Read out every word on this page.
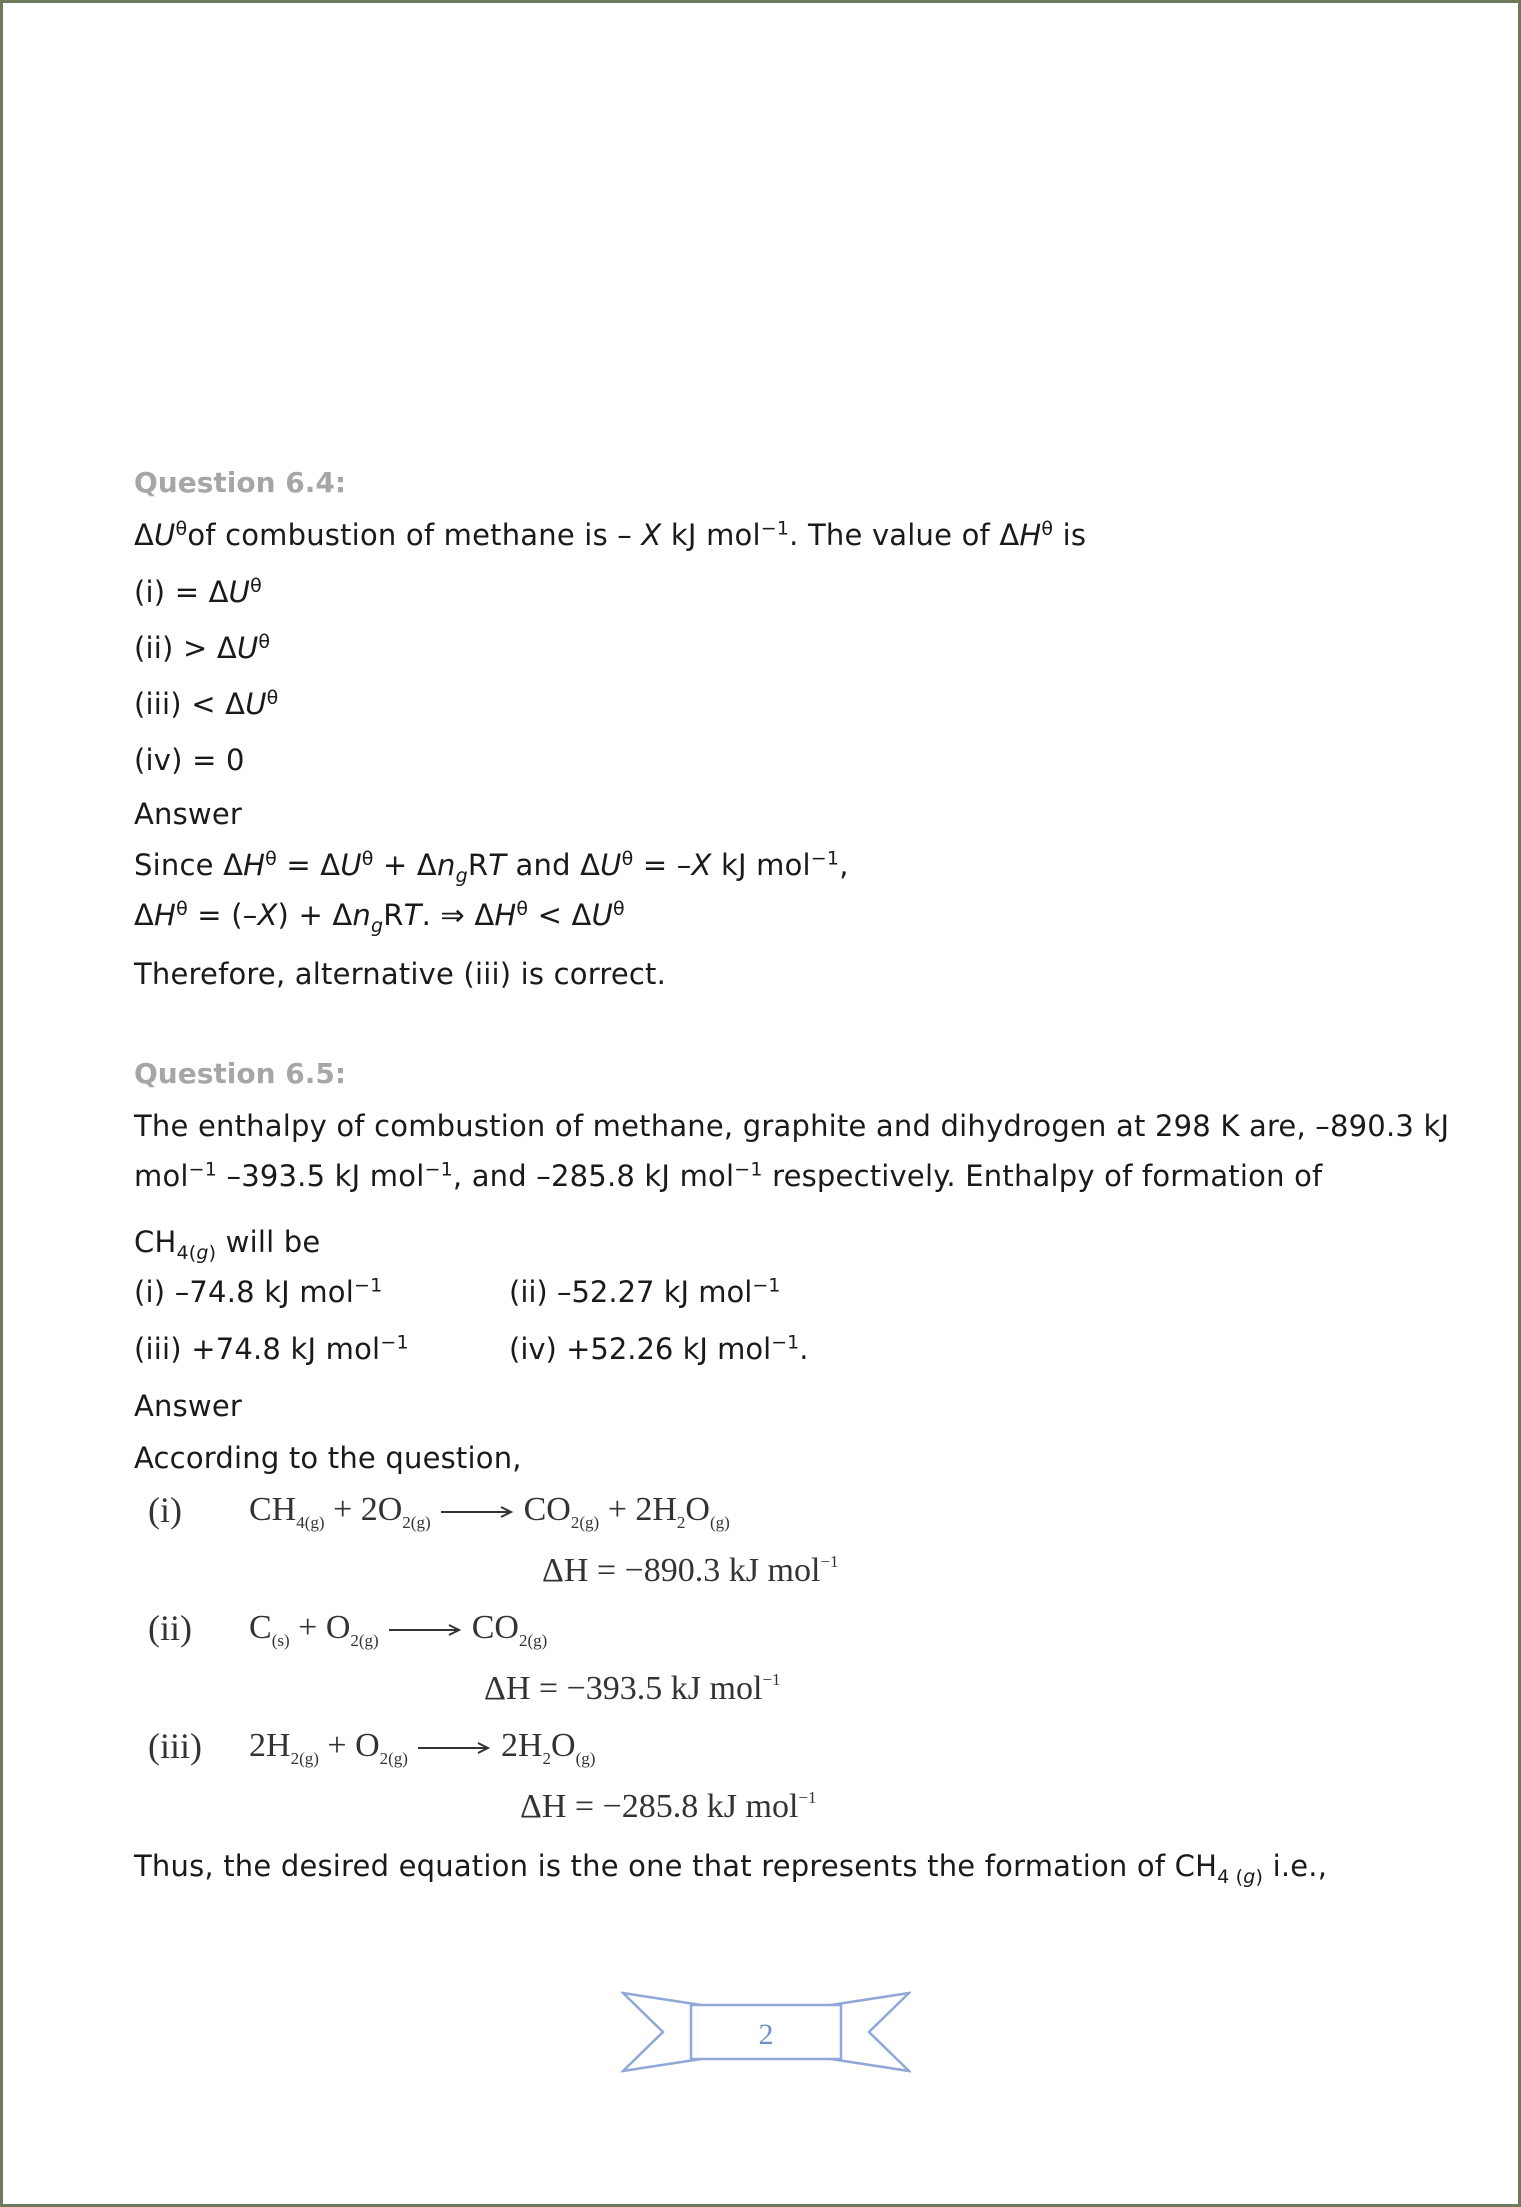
Question 6.4:
$\Delta U^\theta of$ combustion of methane is – X kJ mol$^{-1}$. The value of $\Delta H^\theta$ is
$(i) = \Delta U^\theta$
$(ii) > \Delta U^\theta$
$(iii) < \Delta U^\theta$
(iv) = 0
Answer
Since $\Delta H^\theta = \Delta U^\theta + \Delta n_gRT$ and $\Delta U^\theta = -X$ kJ mol$^{-1}$,
$\Delta H^\theta = (-X) + \Delta n_gRT$. ⇒ $\Delta H^\theta < \Delta U^\theta$
Therefore, alternative (iii) is correct.
Question 6.5:
The enthalpy of combustion of methane, graphite and dihydrogen at 298 K are, –890.3 kJ
mol$^{-1}$ –393.5 kJ mol$^{-1}$, and –285.8 kJ mol$^{-1}$ respectively. Enthalpy of formation of
$CH_{4(g)}$ will be
(i) –74.8 kJ mol$^{-1}$	(ii) –52.27 kJ mol$^{-1}$
(iii) +74.8 kJ mol$^{-1}$	(iv) +52.26 kJ mol$^{-1}$.
Answer
According to the question,
(i) $CH_{4(g)} + 2O_{2(g)} \to CO_{2(g)} + 2H_2O_{(g)}$
ΔH = −890.3 kJ mol$^{-1}$
(ii) $C_{(s)} + O_{2(g)} \to CO_{2(g)}$
ΔH = −393.5 kJ mol$^{-1}$
(iii) $2H_{2(g)} + O_{2(g)} \to 2H_2O_{(g)}$
ΔH = −285.8 kJ mol$^{-1}$
Thus, the desired equation is the one that represents the formation of $CH_{4 (g)}$ i.e.,
2
